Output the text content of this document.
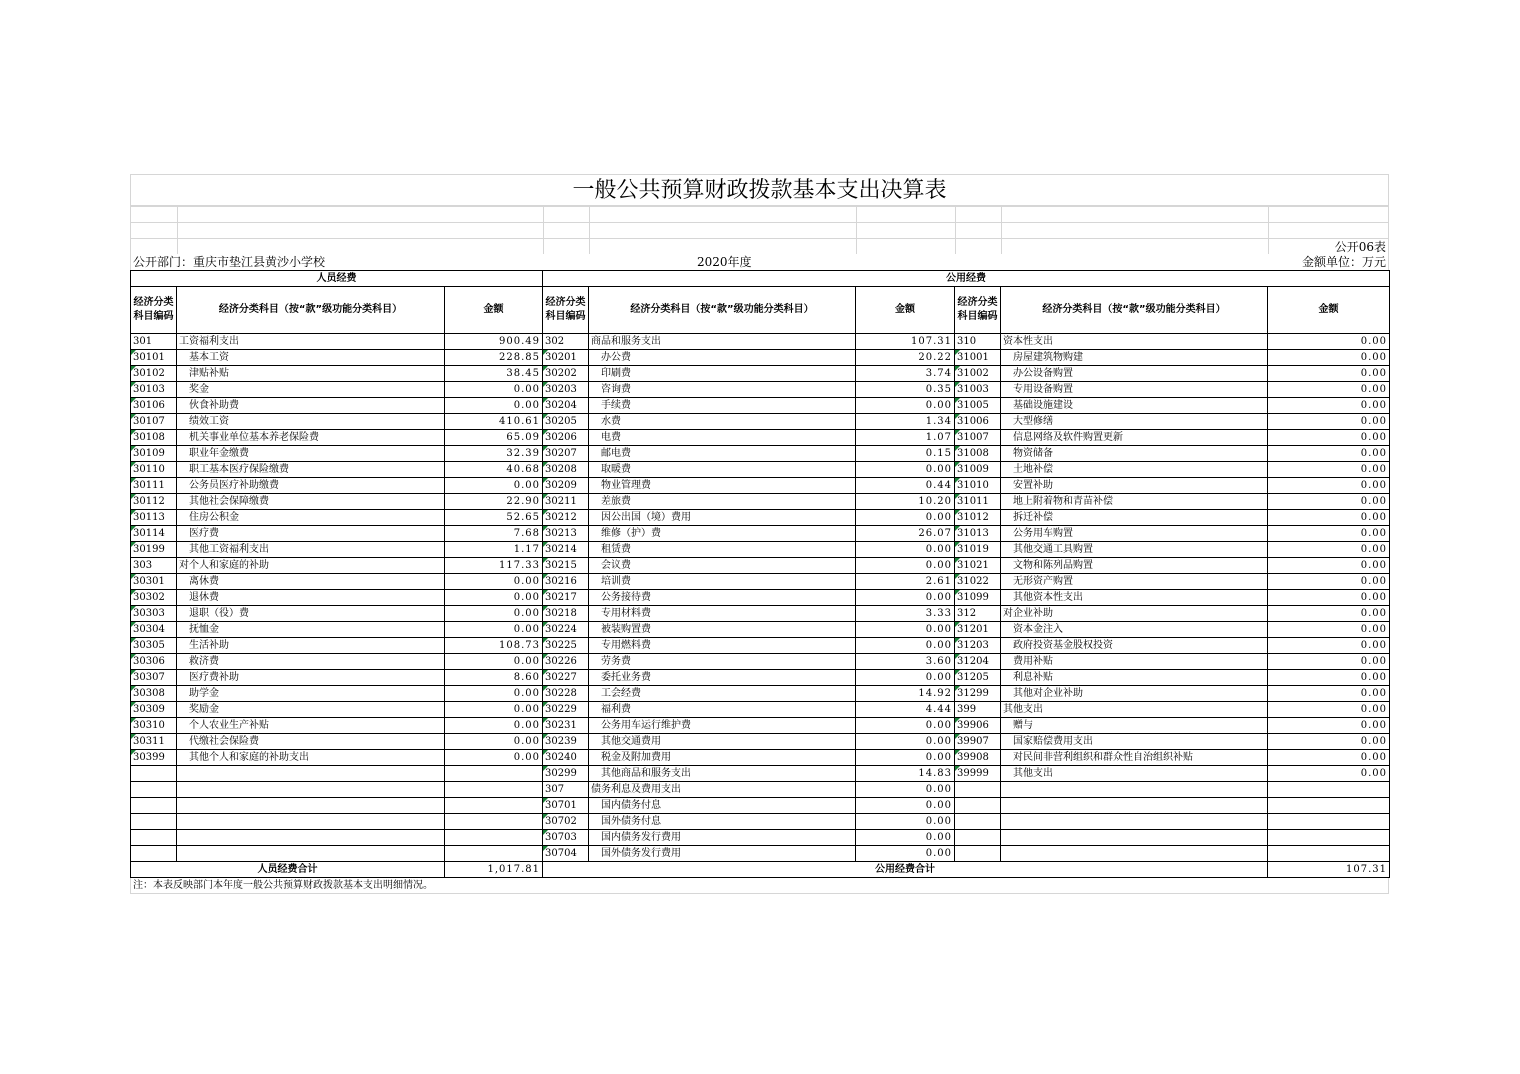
一般公共预算财政拨款基本支出决算表
公开06表
公开部门：重庆市垫江县黄沙小学校	2020年度	金额单位：万元
人员经费			公用经费					
经济分类科目编码	经济分类科目（按“款”级功能分类科目）	金额	经济分类科目编码	经济分类科目（按“款”级功能分类科目）	金额	经济分类科目编码	经济分类科目（按“款”级功能分类科目）	金额
301	工资福利支出	900.49	302	商品和服务支出	107.31	310	资本性支出	0.00
30101	基本工资	228.85	30201	办公费	20.22	31001	房屋建筑物购建	0.00
30102	津贴补贴	38.45	30202	印刷费	3.74	31002	办公设备购置	0.00
30103	奖金	0.00	30203	咨询费	0.35	31003	专用设备购置	0.00
30106	伙食补助费	0.00	30204	手续费	0.00	31005	基础设施建设	0.00
30107	绩效工资	410.61	30205	水费	1.34	31006	大型修缮	0.00
30108	机关事业单位基本养老保险费	65.09	30206	电费	1.07	31007	信息网络及软件购置更新	0.00
30109	职业年金缴费	32.39	30207	邮电费	0.15	31008	物资储备	0.00
30110	职工基本医疗保险缴费	40.68	30208	取暖费	0.00	31009	土地补偿	0.00
30111	公务员医疗补助缴费	0.00	30209	物业管理费	0.44	31010	安置补助	0.00
30112	其他社会保障缴费	22.90	30211	差旅费	10.20	31011	地上附着物和青苗补偿	0.00
30113	住房公积金	52.65	30212	因公出国（境）费用	0.00	31012	拆迁补偿	0.00
30114	医疗费	7.68	30213	维修（护）费	26.07	31013	公务用车购置	0.00
30199	其他工资福利支出	1.17	30214	租赁费	0.00	31019	其他交通工具购置	0.00
303	对个人和家庭的补助	117.33	30215	会议费	0.00	31021	文物和陈列品购置	0.00
30301	离休费	0.00	30216	培训费	2.61	31022	无形资产购置	0.00
30302	退休费	0.00	30217	公务接待费	0.00	31099	其他资本性支出	0.00
30303	退职（役）费	0.00	30218	专用材料费	3.33	312	对企业补助	0.00
30304	抚恤金	0.00	30224	被装购置费	0.00	31201	资本金注入	0.00
30305	生活补助	108.73	30225	专用燃料费	0.00	31203	政府投资基金股权投资	0.00
30306	救济费	0.00	30226	劳务费	3.60	31204	费用补贴	0.00
30307	医疗费补助	8.60	30227	委托业务费	0.00	31205	利息补贴	0.00
30308	助学金	0.00	30228	工会经费	14.92	31299	其他对企业补助	0.00
30309	奖励金	0.00	30229	福利费	4.44	399	其他支出	0.00
30310	个人农业生产补贴	0.00	30231	公务用车运行维护费	0.00	39906	赠与	0.00
30311	代缴社会保险费	0.00	30239	其他交通费用	0.00	39907	国家赔偿费用支出	0.00
30399	其他个人和家庭的补助支出	0.00	30240	税金及附加费用	0.00	39908	对民间非营利组织和群众性自治组织补贴	0.00
			30299	其他商品和服务支出	14.83	39999	其他支出	0.00
			307	债务利息及费用支出	0.00			
			30701	国内债务付息	0.00			
			30702	国外债务付息	0.00			
			30703	国内债务发行费用	0.00			
			30704	国外债务发行费用	0.00			
人员经费合计		1,017.81	公用经费合计					107.31
注：本表反映部门本年度一般公共预算财政拨款基本支出明细情况。
